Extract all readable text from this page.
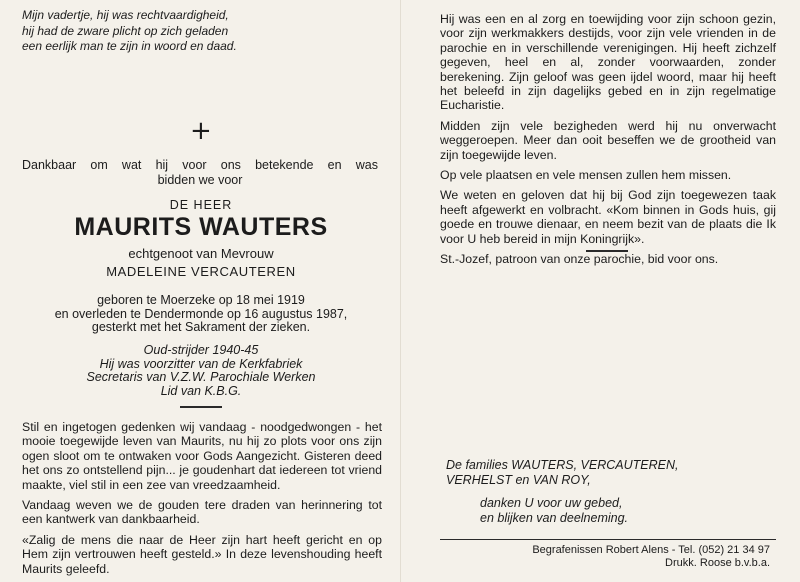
Mijn vadertje, hij was rechtvaardigheid,
hij had de zware plicht op zich geladen
een eerlijk man te zijn in woord en daad.
+
Dankbaar om wat hij voor ons betekende en was
bidden we voor
DE HEER
MAURITS WAUTERS
echtgenoot van Mevrouw
MADELEINE VERCAUTEREN
geboren te Moerzeke op 18 mei 1919
en overleden te Dendermonde op 16 augustus 1987,
gesterkt met het Sakrament der zieken.
Oud-strijder 1940-45
Hij was voorzitter van de Kerkfabriek
Secretaris van V.Z.W. Parochiale Werken
Lid van K.B.G.

Stil en ingetogen gedenken wij vandaag - noodgedwongen - het mooie toegewijde leven van Maurits, nu hij zo plots voor ons zijn ogen sloot om te ontwaken voor Gods Aangezicht. Gisteren deed het ons zo ontstellend pijn... je goudenhart dat iedereen tot vriend maakte, viel stil in een zee van vreedzaamheid.

Vandaag weven we de gouden tere draden van herinnering tot een kantwerk van dankbaarheid.

«Zalig de mens die naar de Heer zijn hart heeft gericht en op Hem zijn vertrouwen heeft gesteld.» In deze levenshouding heeft Maurits geleefd.

Hij was een en al zorg en toewijding voor zijn schoon gezin, voor zijn werkmakkers destijds, voor zijn vele vrienden in de parochie en in verschillende verenigingen. Hij heeft zichzelf gegeven, heel en al, zonder voorwaarden, zonder berekening. Zijn geloof was geen ijdel woord, maar hij heeft het beleefd in zijn dagelijks gebed en in zijn regelmatige Eucharistie.

Midden zijn vele bezigheden werd hij nu onverwacht weggeroepen. Meer dan ooit beseffen we de grootheid van zijn toegewijde leven.

Op vele plaatsen en vele mensen zullen hem missen.

We weten en geloven dat hij bij God zijn toegewezen taak heeft afgewerkt en volbracht. «Kom binnen in Gods huis, gij goede en trouwe dienaar, en neem bezit van de plaats die Ik voor U heb bereid in mijn Koningrijk».

St.-Jozef, patroon van onze parochie, bid voor ons.

De families WAUTERS, VERCAUTEREN,
VERHELST en VAN ROY,
danken U voor uw gebed,
en blijken van deelneming.
Begrafenissen Robert Alens - Tel. (052) 21 34 97
Drukk. Roose b.v.b.a.
